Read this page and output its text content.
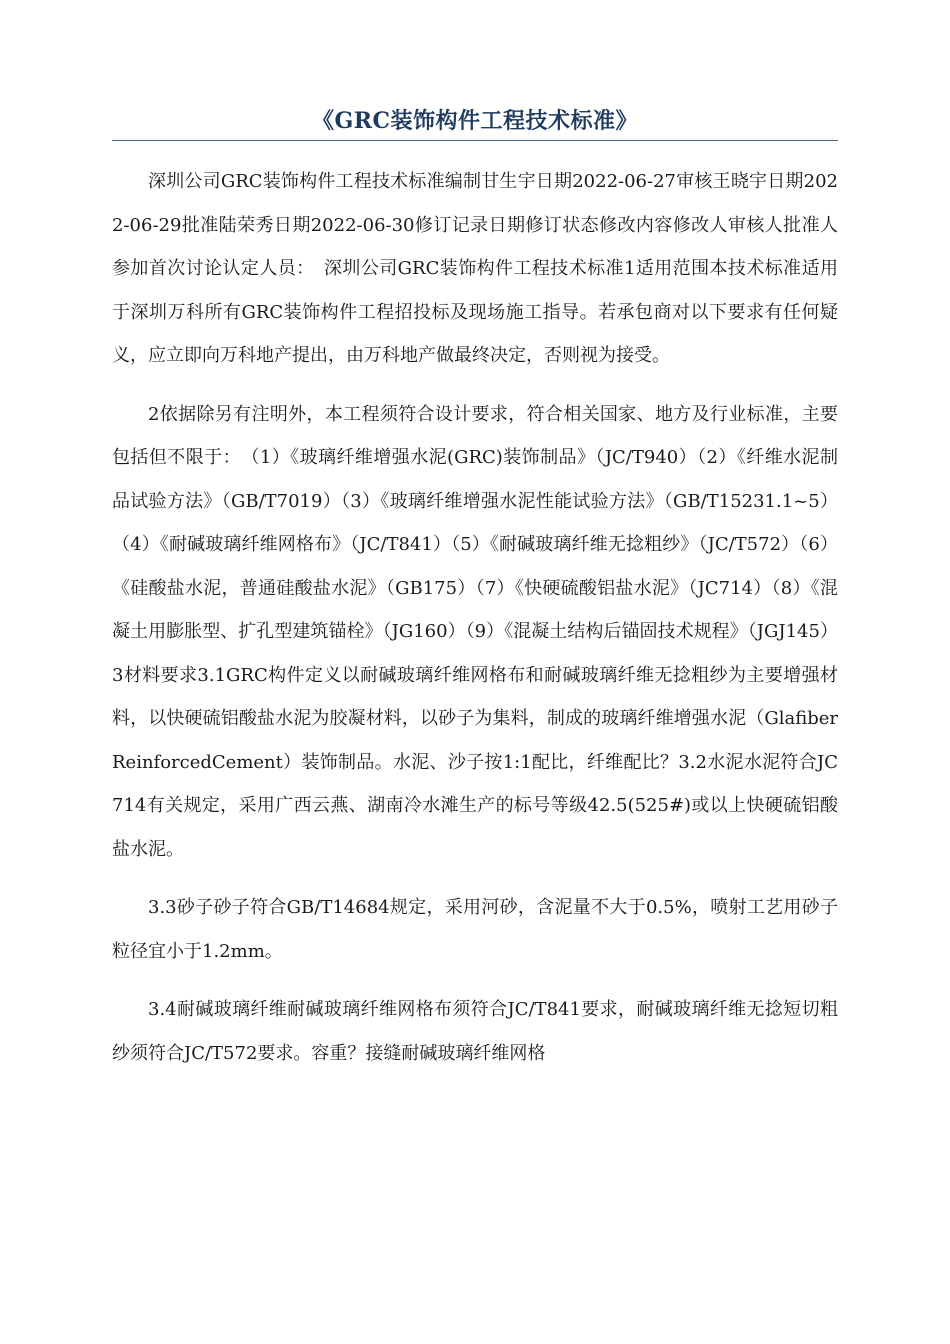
《GRC装饰构件工程技术标准》

深圳公司GRC装饰构件工程技术标准编制甘生宇日期2022-06-27审核王晓宇日期2022-06-29批准陆荣秀日期2022-06-30修订记录日期修订状态修改内容修改人审核人批准人参加首次讨论认定人员：　深圳公司GRC装饰构件工程技术标准1适用范围本技术标准适用于深圳万科所有GRC装饰构件工程招投标及现场施工指导。若承包商对以下要求有任何疑义，应立即向万科地产提出，由万科地产做最终决定，否则视为接受。

2依据除另有注明外，本工程须符合设计要求，符合相关国家、地方及行业标准，主要包括但不限于：　（1）《玻璃纤维增强水泥(GRC)装饰制品》（JC/T940）（2）《纤维水泥制品试验方法》（GB/T7019）（3）《玻璃纤维增强水泥性能试验方法》（GB/T15231.1~5）（4）《耐碱玻璃纤维网格布》（JC/T841）（5）《耐碱玻璃纤维无捻粗纱》（JC/T572）（6）《硅酸盐水泥，普通硅酸盐水泥》（GB175）（7）《快硬硫酸铝盐水泥》（JC714）（8）《混凝土用膨胀型、扩孔型建筑锚栓》（JG160）（9）《混凝土结构后锚固技术规程》（JGJ145）3材料要求3.1GRC构件定义以耐碱玻璃纤维网格布和耐碱玻璃纤维无捻粗纱为主要增强材料，以快硬硫铝酸盐水泥为胶凝材料，以砂子为集料，制成的玻璃纤维增强水泥（GlafiberReinforcedCement）装饰制品。水泥、沙子按1:1配比，纤维配比？3.2水泥水泥符合JC714有关规定，采用广西云燕、湖南冷水滩生产的标号等级42.5(525#)或以上快硬硫铝酸盐水泥。

3.3砂子砂子符合GB/T14684规定，采用河砂，含泥量不大于0.5%，喷射工艺用砂子粒径宜小于1.2mm。

3.4耐碱玻璃纤维耐碱玻璃纤维网格布须符合JC/T841要求，耐碱玻璃纤维无捻短切粗纱须符合JC/T572要求。容重？接缝耐碱玻璃纤维网格
